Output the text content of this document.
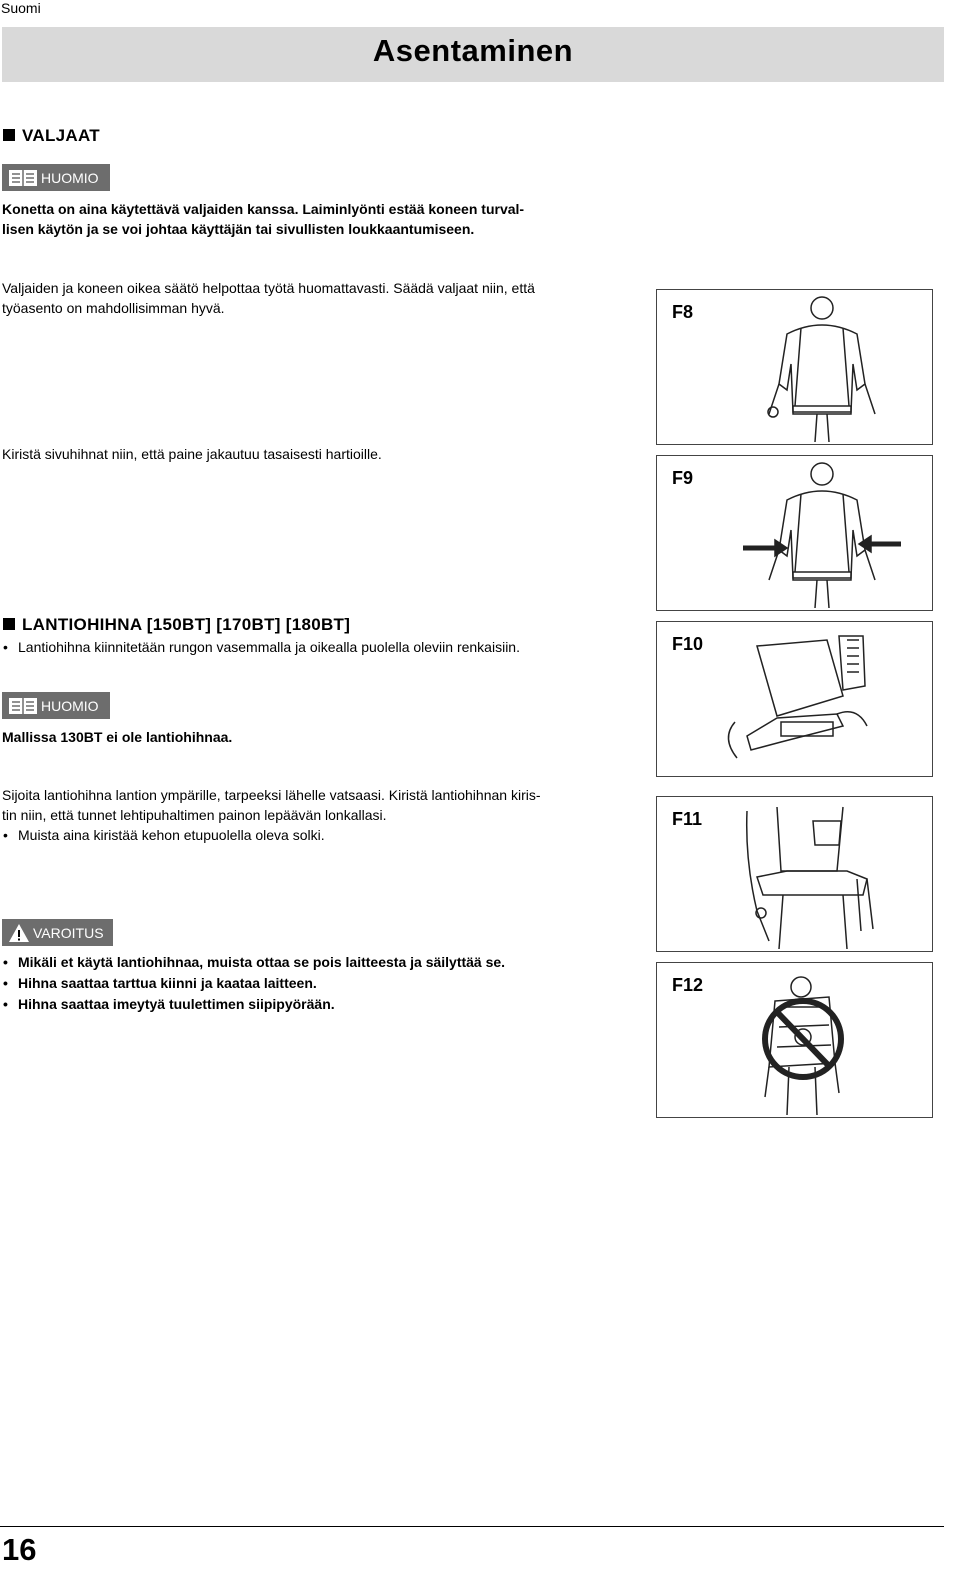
Suomi
Asentaminen
VALJAAT
HUOMIO
Konetta on aina käytettävä valjaiden kanssa. Laiminlyönti estää koneen turval-
lisen käytön ja se voi johtaa käyttäjän tai sivullisten loukkaantumiseen.
Valjaiden ja koneen oikea säätö helpottaa työtä huomattavasti. Säädä valjaat niin, että
työasento on mahdollisimman hyvä.
Kiristä sivuhihnat niin, että paine jakautuu tasaisesti hartioille.
LANTIOHIHNA [150BT] [170BT] [180BT]
• Lantiohihna kiinnitetään rungon vasemmalla ja oikealla puolella oleviin renkaisiin.
HUOMIO
Mallissa 130BT ei ole lantiohihnaa.
Sijoita lantiohihna lantion ympärille, tarpeeksi lähelle vatsaasi. Kiristä lantiohihnan kiris-
tin niin, että tunnet lehtipuhaltimen painon lepäävän lonkallasi.
• Muista aina kiristää kehon etupuolella oleva solki.
VAROITUS
• Mikäli et käytä lantiohihnaa, muista ottaa se pois laitteesta ja säilyttää se.
• Hihna saattaa tarttua kiinni ja kaataa laitteen.
• Hihna saattaa imeytyä tuulettimen siipipyörään.
F8
F9
F10
F11
F12
16
